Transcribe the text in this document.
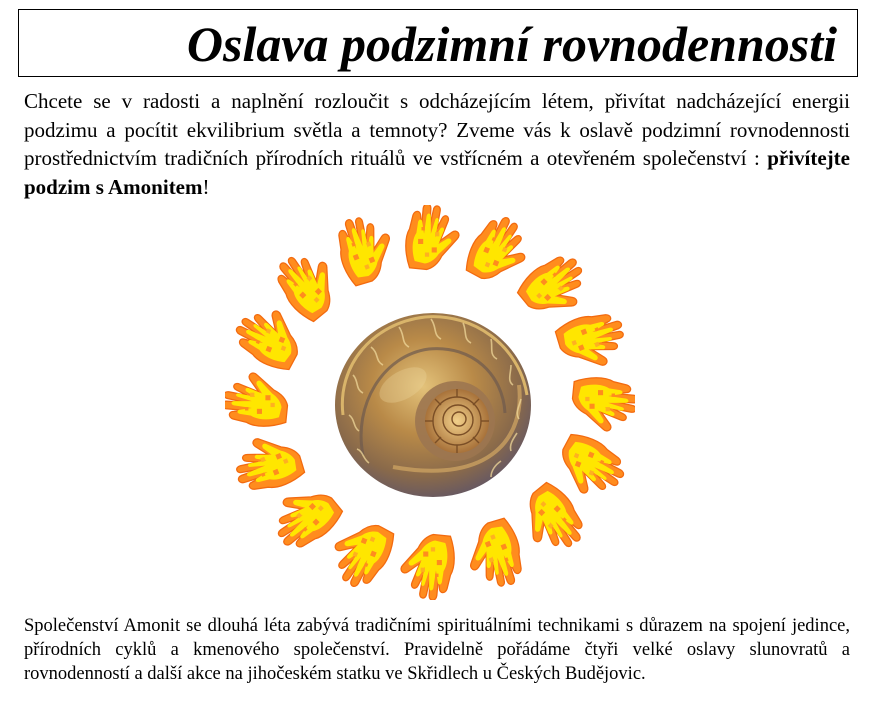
Oslava podzimní rovnodennosti

Chcete se v radosti a naplnění rozloučit s odcházejícím létem, přivítat nadcházející energii podzimu a pocítit ekvilibrium světla a temnoty? Zveme vás k oslavě podzimní rovnodennosti prostřednictvím tradičních přírodních rituálů ve vstřícném a otevřeném společenství : přivítejte podzim s Amonitem!

Společenství Amonit se dlouhá léta zabývá tradičními spirituálními technikami s důrazem na spojení jedince, přírodních cyklů a kmenového společenství. Pravidelně pořádáme čtyři velké oslavy slunovratů a rovnodenností a další akce na jihočeském statku ve Skřidlech u Českých Budějovic.
